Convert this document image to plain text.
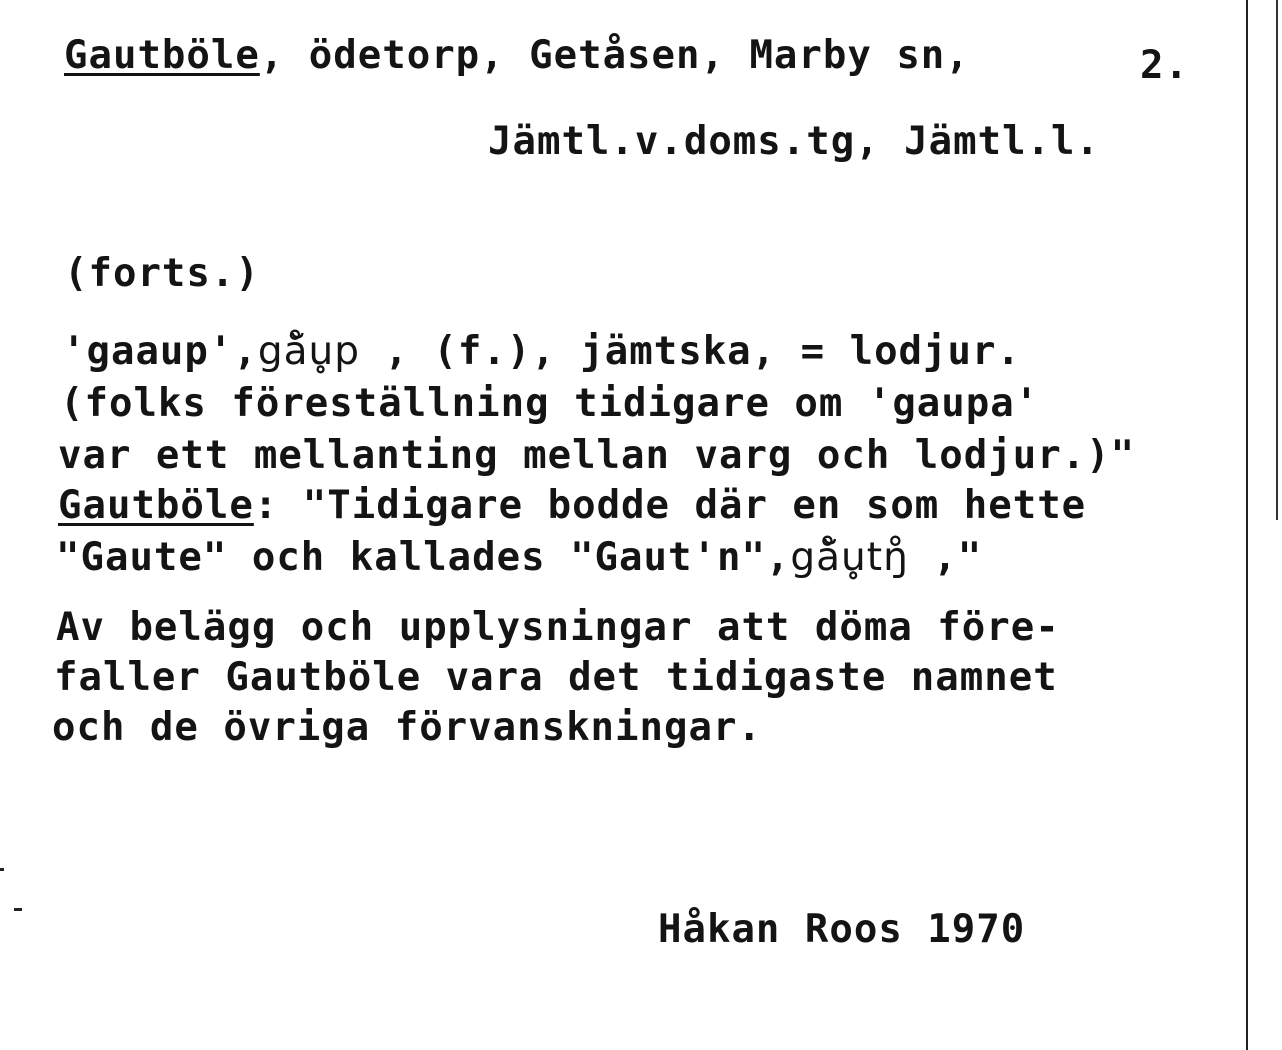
Gautböle, ödetorp, Getåsen, Marby sn,	2.
Jämtl.v.doms.tg, Jämtl.l.
(forts.)
'gaaup',gå̆u̥p , (f.), jämtska, = lodjur.
(folks föreställning tidigare om 'gaupa'
var ett mellanting mellan varg och lodjur.)"
Gautböle: "Tidigare bodde där en som hette
"Gaute" och kallades "Gaut'n",gå̆u̥tŋ̊ ,"
Av belägg och upplysningar att döma före-
faller Gautböle vara det tidigaste namnet
och de övriga förvanskningar.
Håkan Roos 1970
